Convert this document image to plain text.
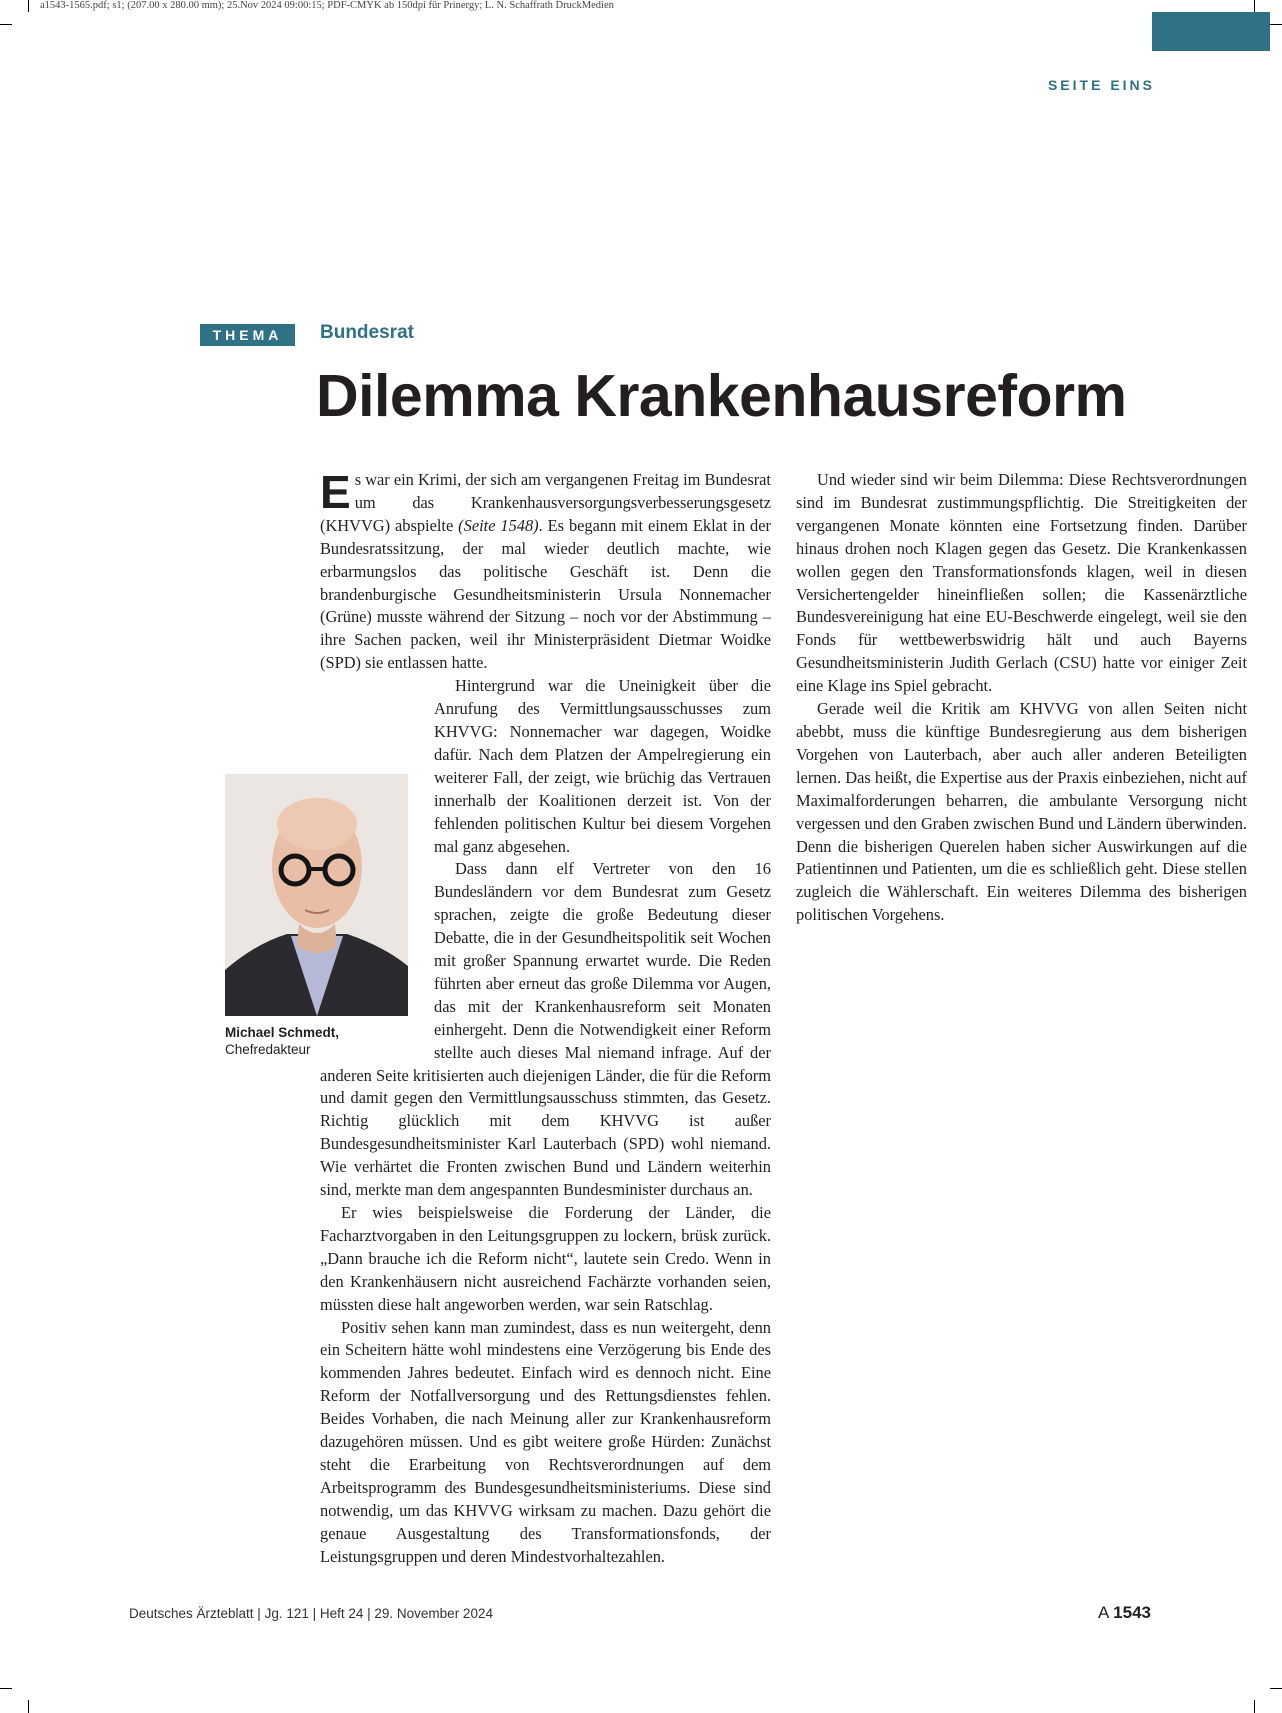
a1543-1565.pdf; s1; (207.00 x 280.00 mm); 25.Nov 2024 09:00:15; PDF-CMYK ab 150dpi für Prinergy; L. N. Schaffrath DruckMedien
SEITE EINS
THEMA	Bundesrat
Dilemma Krankenhausreform
Michael Schmedt,
Chefredakteur

Es war ein Krimi, der sich am vergangenen Freitag im Bundesrat um das Krankenhausversorgungsverbesserungsgesetz (KHVVG) abspielte (Seite 1548). Es begann mit einem Eklat in der Bundesratssitzung, der mal wieder deutlich machte, wie erbarmungslos das politische Geschäft ist. Denn die brandenburgische Gesundheitsministerin Ursula Nonnemacher (Grüne) musste während der Sitzung – noch vor der Abstimmung – ihre Sachen packen, weil ihr Ministerpräsident Dietmar Woidke (SPD) sie entlassen hatte.

Hintergrund war die Uneinigkeit über die Anrufung des Vermittlungsausschusses zum KHVVG: Nonnemacher war dagegen, Woidke dafür. Nach dem Platzen der Ampelregierung ein weiterer Fall, der zeigt, wie brüchig das Vertrauen innerhalb der Koalitionen derzeit ist. Von der fehlenden politischen Kultur bei diesem Vorgehen mal ganz abgesehen.

Dass dann elf Vertreter von den 16 Bundesländern vor dem Bundesrat zum Gesetz sprachen, zeigte die große Bedeutung dieser Debatte, die in der Gesundheitspolitik seit Wochen mit großer Spannung erwartet wurde. Die Reden führten aber erneut das große Dilemma vor Augen, das mit der Krankenhausreform seit Monaten einhergeht. Denn die Notwendigkeit einer Reform stellte auch dieses Mal niemand infrage. Auf der anderen Seite kritisierten auch diejenigen Länder, die für die Reform und damit gegen den Vermittlungsausschuss stimmten, das Gesetz. Richtig glücklich mit dem KHVVG ist außer Bundesgesundheitsminister Karl Lauterbach (SPD) wohl niemand. Wie verhärtet die Fronten zwischen Bund und Ländern weiterhin sind, merkte man dem angespannten Bundesminister durchaus an.

Er wies beispielsweise die Forderung der Länder, die Facharztvorgaben in den Leitungsgruppen zu lockern, brüsk zurück. „Dann brauche ich die Reform nicht“, lautete sein Credo. Wenn in den Krankenhäusern nicht ausreichend Fachärzte vorhanden seien, müssten diese halt angeworben werden, war sein Ratschlag.

Positiv sehen kann man zumindest, dass es nun weitergeht, denn ein Scheitern hätte wohl mindestens eine Verzögerung bis Ende des kommenden Jahres bedeutet. Einfach wird es dennoch nicht. Eine Reform der Notfallversorgung und des Rettungsdienstes fehlen. Beides Vorhaben, die nach Meinung aller zur Krankenhausreform dazugehören müssen. Und es gibt weitere große Hürden: Zunächst steht die Erarbeitung von Rechtsverordnungen auf dem Arbeitsprogramm des Bundesgesundheitsministeriums. Diese sind notwendig, um das KHVVG wirksam zu machen. Dazu gehört die genaue Ausgestaltung des Transformationsfonds, der Leistungsgruppen und deren Mindestvorhaltezahlen.

Und wieder sind wir beim Dilemma: Diese Rechtsverordnungen sind im Bundesrat zustimmungspflichtig. Die Streitigkeiten der vergangenen Monate könnten eine Fortsetzung finden. Darüber hinaus drohen noch Klagen gegen das Gesetz. Die Krankenkassen wollen gegen den Transformationsfonds klagen, weil in diesen Versichertengelder hineinfließen sollen; die Kassenärztliche Bundesvereinigung hat eine EU-Beschwerde eingelegt, weil sie den Fonds für wettbewerbswidrig hält und auch Bayerns Gesundheitsministerin Judith Gerlach (CSU) hatte vor einiger Zeit eine Klage ins Spiel gebracht.

Gerade weil die Kritik am KHVVG von allen Seiten nicht abebbt, muss die künftige Bundesregierung aus dem bisherigen Vorgehen von Lauterbach, aber auch aller anderen Beteiligten lernen. Das heißt, die Expertise aus der Praxis einbeziehen, nicht auf Maximalforderungen beharren, die ambulante Versorgung nicht vergessen und den Graben zwischen Bund und Ländern überwinden. Denn die bisherigen Querelen haben sicher Auswirkungen auf die Patientinnen und Patienten, um die es schließlich geht. Diese stellen zugleich die Wählerschaft. Ein weiteres Dilemma des bisherigen politischen Vorgehens.

Deutsches Ärzteblatt | Jg. 121 | Heft 24 | 29. November 2024	A 1543
